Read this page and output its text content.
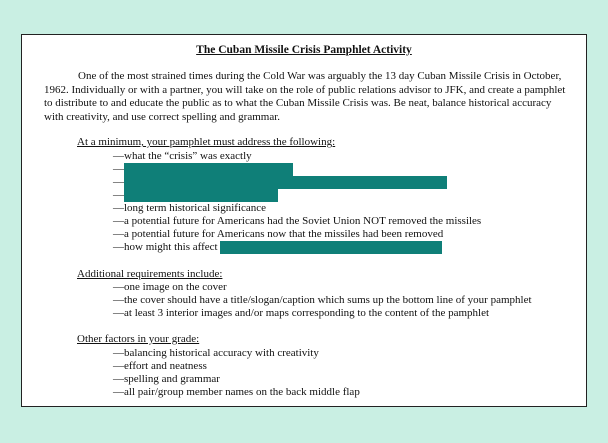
The Cuban Missile Crisis Pamphlet Activity
One of the most strained times during the Cold War was arguably the 13 day Cuban Missile Crisis in October, 1962. Individually or with a partner, you will take on the role of public relations advisor to JFK, and create a pamphlet to distribute to and educate the public as to what the Cuban Missile Crisis was. Be neat, balance historical accuracy with creativity, and use correct spelling and grammar.
At a minimum, your pamphlet must address the following:
—what the “crisis” was exactly
—
—
—
—long term historical significance
—a potential future for Americans had the Soviet Union NOT removed the missiles
—a potential future for Americans now that the missiles had been removed
—how might this affect
Additional requirements include:
—one image on the cover
—the cover should have a title/slogan/caption which sums up the bottom line of your pamphlet
—at least 3 interior images and/or maps corresponding to the content of the pamphlet
Other factors in your grade:
—balancing historical accuracy with creativity
—effort and neatness
—spelling and grammar
—all pair/group member names on the back middle flap
